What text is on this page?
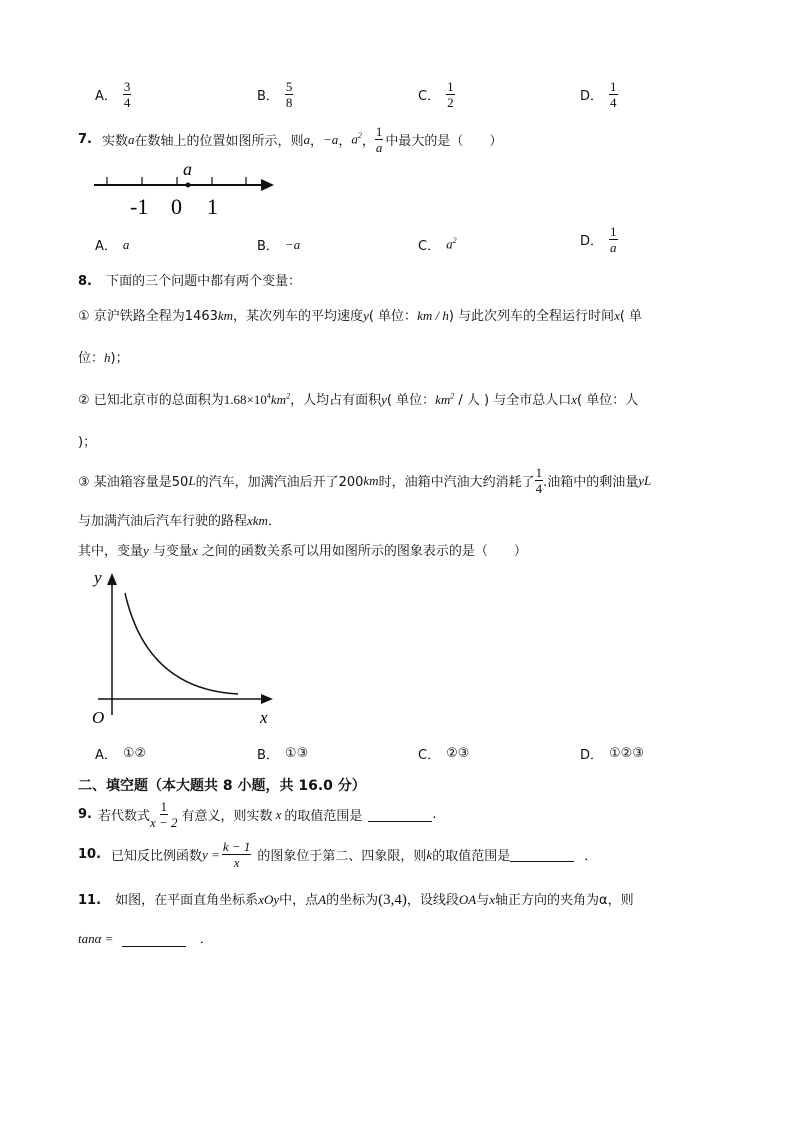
A． $\frac{3}{4}$	B． $\frac{5}{8}$	C． $\frac{1}{2}$	D． $\frac{1}{4}$
7. 实数 a 在数轴上的位置如图所示，则 a ， −a ， $a^2$ ， $\frac{1}{a}$ 中最大的是（　　）
a
-1 0 1
A． a	B． −a	C． $a^2$	D． $\frac{1}{a}$
8. 下面的三个问题中都有两个变量：
① 京沪铁路全程为1463km，某次列车的平均速度y( 单位：km / h) 与此次列车的全程运行时间x( 单
位：h)；
② 已知北京市的总面积为$1.68\times 10^4km^2$，人均占有面积y( 单位：$km^2$ / 人 ) 与全市总人口x( 单位：人
)；
③ 某油箱容量是50 L 的汽车，加满汽油后开了200 km 时，油箱中汽油大约消耗了 $\frac{1}{4}$ .油箱中的剩油量 yL
与加满汽油后汽车行驶的路程xkm．
其中，变量y 与变量x 之间的函数关系可以用如图所示的图象表示的是（　　）
y
x
O
A． ①②	B． ①③	C． ②③	D． ①②③
二、填空题（本大题共 8 小题，共 16.0 分）
9. 若代数式 $\frac{1}{x - 2}$ 有意义，则实数 x 的取值范围是	.
10. 已知反比例函数 $y = \frac{k - 1}{x}$ 的图象位于第二、四象限，则 k 的取值范围是	．
11. 如图，在平面直角坐标系xOy中，点A的坐标为(3,4)，设线段OA与x轴正方向的夹角为α，则
tanα =	．
